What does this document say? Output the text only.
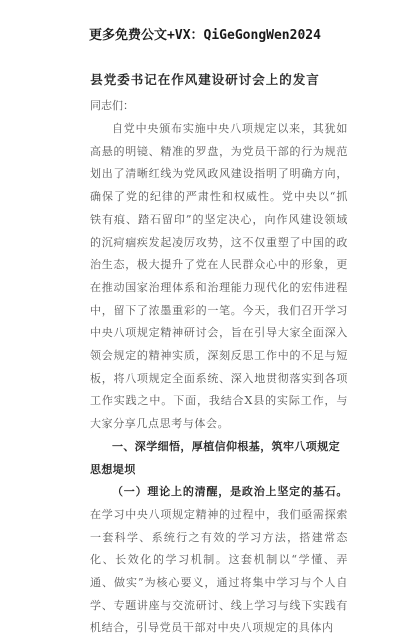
更多免费公文+VX：QiGeGongWen2024
县党委书记在作风建设研讨会上的发言
同志们：

自党中央颁布实施中央八项规定以来，其犹如高悬的明镜、精准的罗盘，为党员干部的行为规范划出了清晰红线为党风政风建设指明了明确方向，确保了党的纪律的严肃性和权威性。党中央以“抓铁有痕、踏石留印”的坚定决心，向作风建设领域的沉疴痼疾发起凌厉攻势，这不仅重塑了中国的政治生态，极大提升了党在人民群众心中的形象，更在推动国家治理体系和治理能力现代化的宏伟进程中，留下了浓墨重彩的一笔。今天，我们召开学习中央八项规定精神研讨会，旨在引导大家全面深入领会规定的精神实质，深刻反思工作中的不足与短板，将八项规定全面系统、深入地贯彻落实到各项工作实践之中。下面，我结合X县的实际工作，与大家分享几点思考与体会。

一、深学细悟，厚植信仰根基，筑牢八项规定思想堤坝

（一）理论上的清醒，是政治上坚定的基石。在学习中央八项规定精神的过程中，我们亟需探索一套科学、系统行之有效的学习方法，搭建常态化、长效化的学习机制。这套机制以“学懂、弄通、做实”为核心要义，通过将集中学习与个人自学、专题讲座与交流研讨、线上学习与线下实践有机结合，引导党员干部对中央八项规定的具体内
